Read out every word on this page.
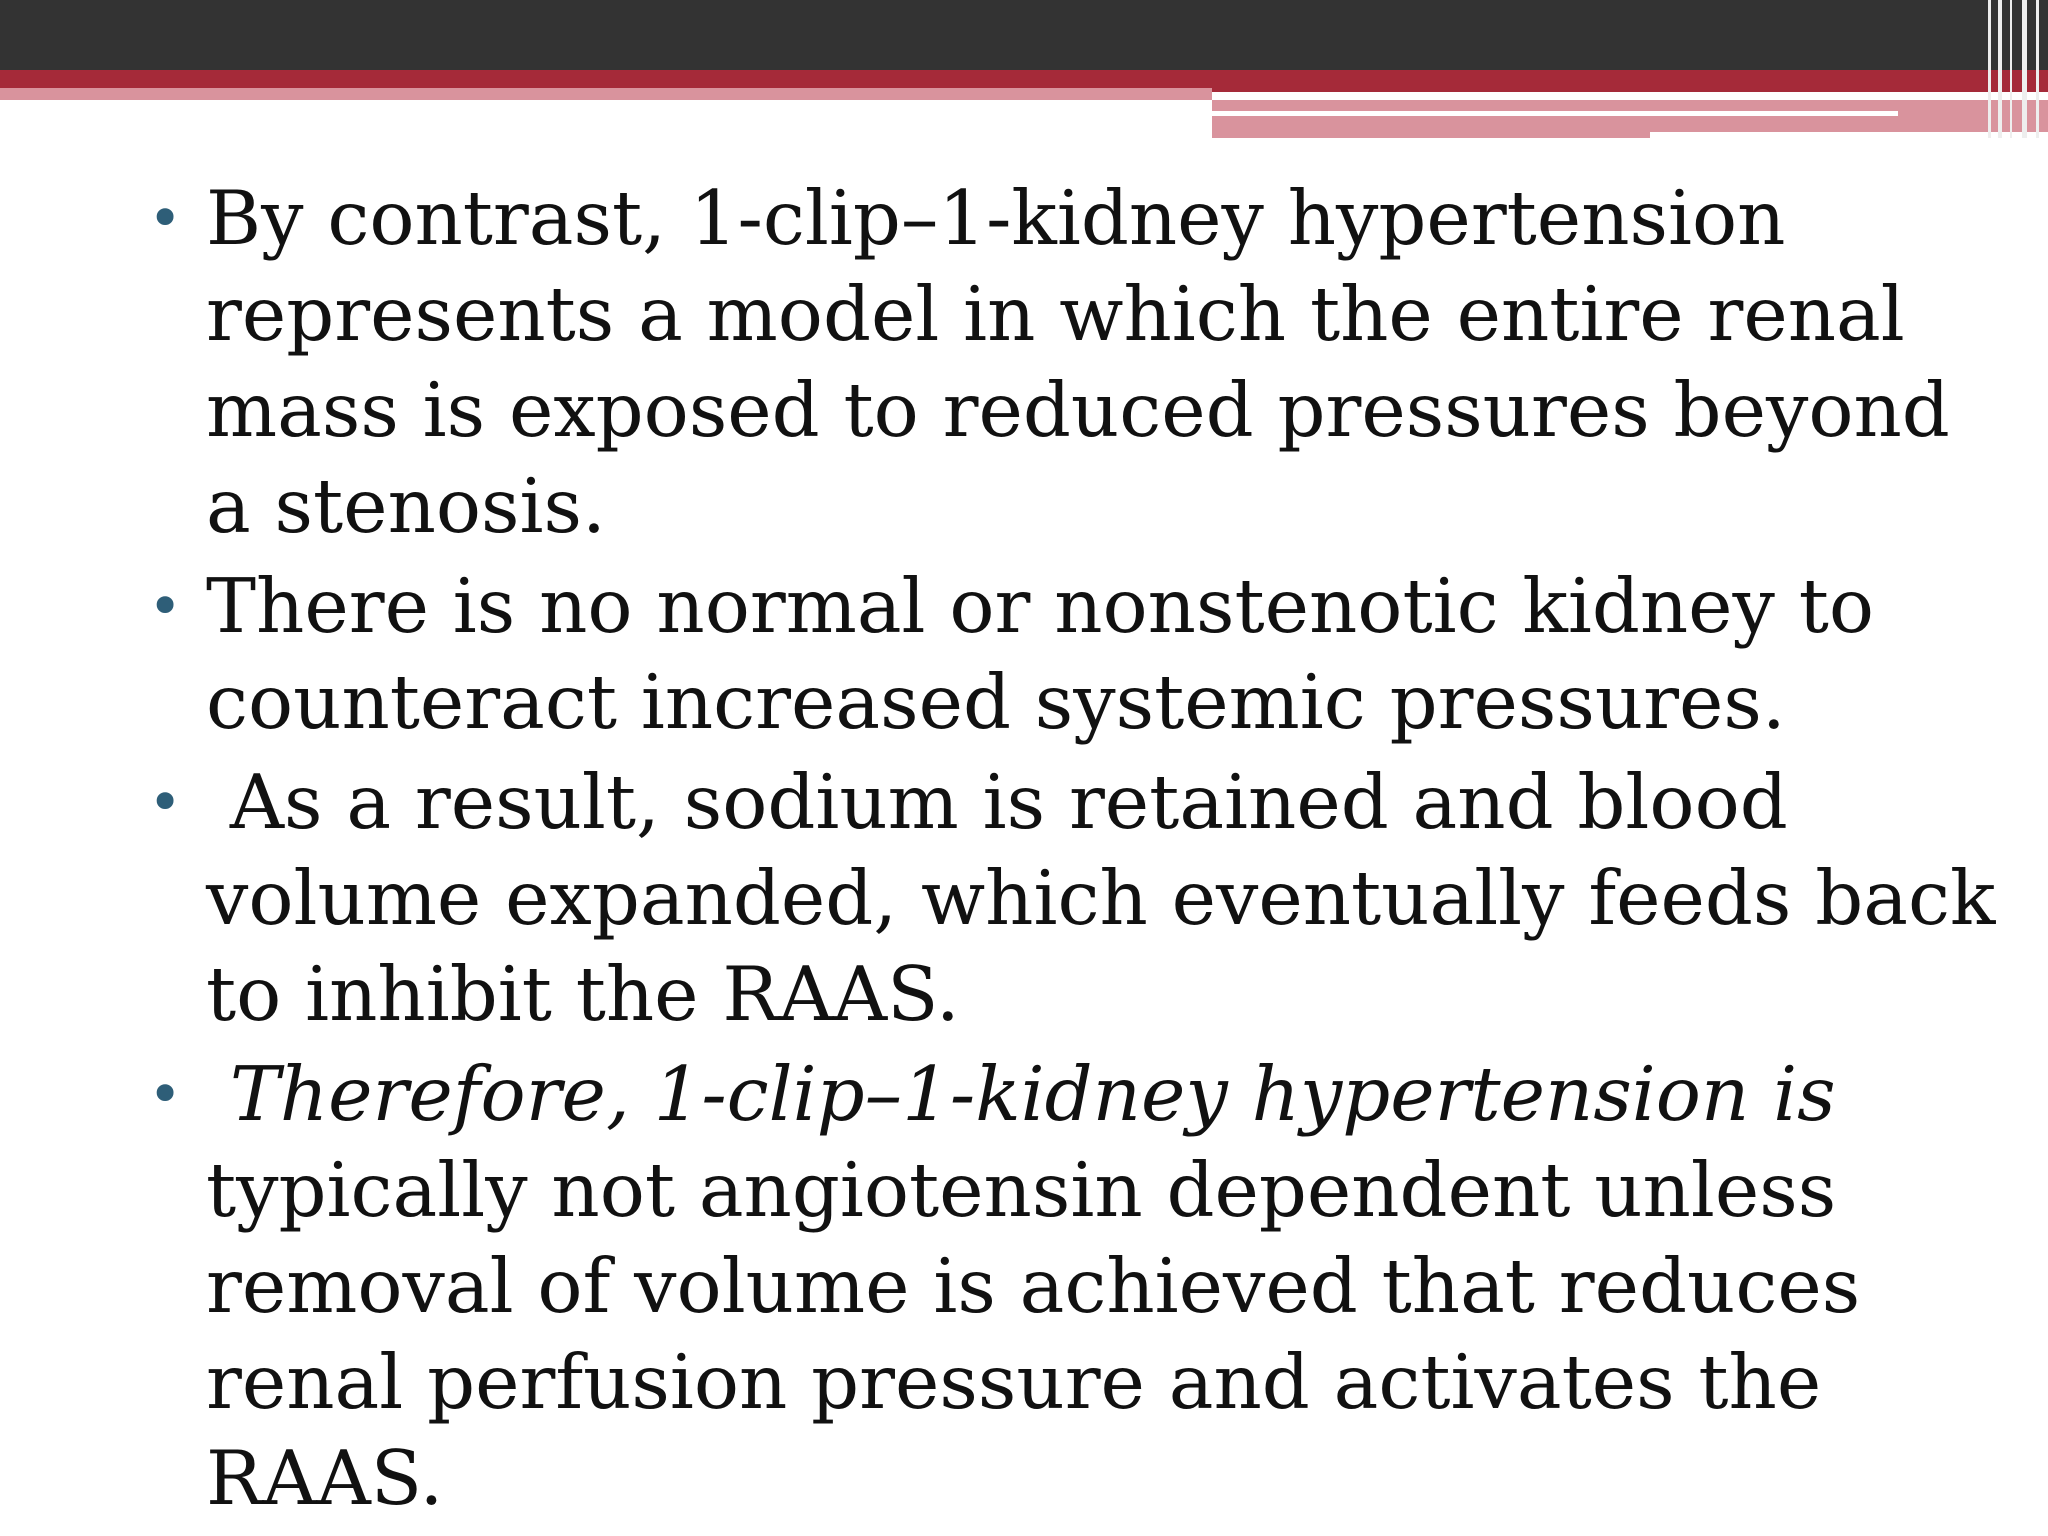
• By contrast, 1-clip–1-kidney hypertension represents a model in which the entire renal mass is exposed to reduced pressures beyond a stenosis.
• There is no normal or nonstenotic kidney to counteract increased systemic pressures.
• As a result, sodium is retained and blood volume expanded, which eventually feeds back to inhibit the RAAS.
• Therefore, 1-clip–1-kidney hypertension is typically not angiotensin dependent unless removal of volume is achieved that reduces renal perfusion pressure and activates the RAAS.
